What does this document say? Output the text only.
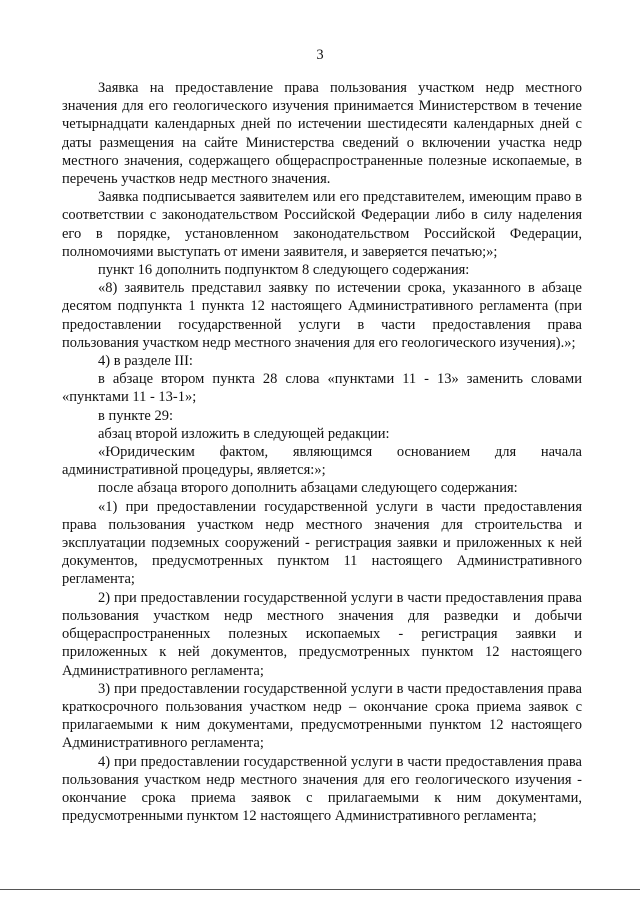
3

Заявка на предоставление права пользования участком недр местного значения для его геологического изучения принимается Министерством в течение четырнадцати календарных дней по истечении шестидесяти календарных дней с даты размещения на сайте Министерства сведений о включении участка недр местного значения, содержащего общераспространенные полезные ископаемые, в перечень участков недр местного значения.

Заявка подписывается заявителем или его представителем, имеющим право в соответствии с законодательством Российской Федерации либо в силу наделения его в порядке, установленном законодательством Российской Федерации, полномочиями выступать от имени заявителя, и заверяется печатью;»;

пункт 16 дополнить подпунктом 8 следующего содержания:

«8) заявитель представил заявку по истечении срока, указанного в абзаце десятом подпункта 1 пункта 12 настоящего Административного регламента (при предоставлении государственной услуги в части предоставления права пользования участком недр местного значения для его геологического изучения).»;

4) в разделе III:

в абзаце втором пункта 28 слова «пунктами 11 - 13» заменить словами «пунктами 11 - 13-1»;

в пункте 29:

абзац второй изложить в следующей редакции:

«Юридическим фактом, являющимся основанием для начала административной процедуры, является:»;

после абзаца второго дополнить абзацами следующего содержания:

«1) при предоставлении государственной услуги в части предоставления права пользования участком недр местного значения для строительства и эксплуатации подземных сооружений - регистрация заявки и приложенных к ней документов, предусмотренных пунктом 11 настоящего Административного регламента;

2) при предоставлении государственной услуги в части предоставления права пользования участком недр местного значения для разведки и добычи общераспространенных полезных ископаемых - регистрация заявки и приложенных к ней документов, предусмотренных пунктом 12 настоящего Административного регламента;

3) при предоставлении государственной услуги в части предоставления права краткосрочного пользования участком недр – окончание срока приема заявок с прилагаемыми к ним документами, предусмотренными пунктом 12 настоящего Административного регламента;

4) при предоставлении государственной услуги в части предоставления права пользования участком недр местного значения для его геологического изучения - окончание срока приема заявок с прилагаемыми к ним документами, предусмотренными пунктом 12 настоящего Административного регламента;
